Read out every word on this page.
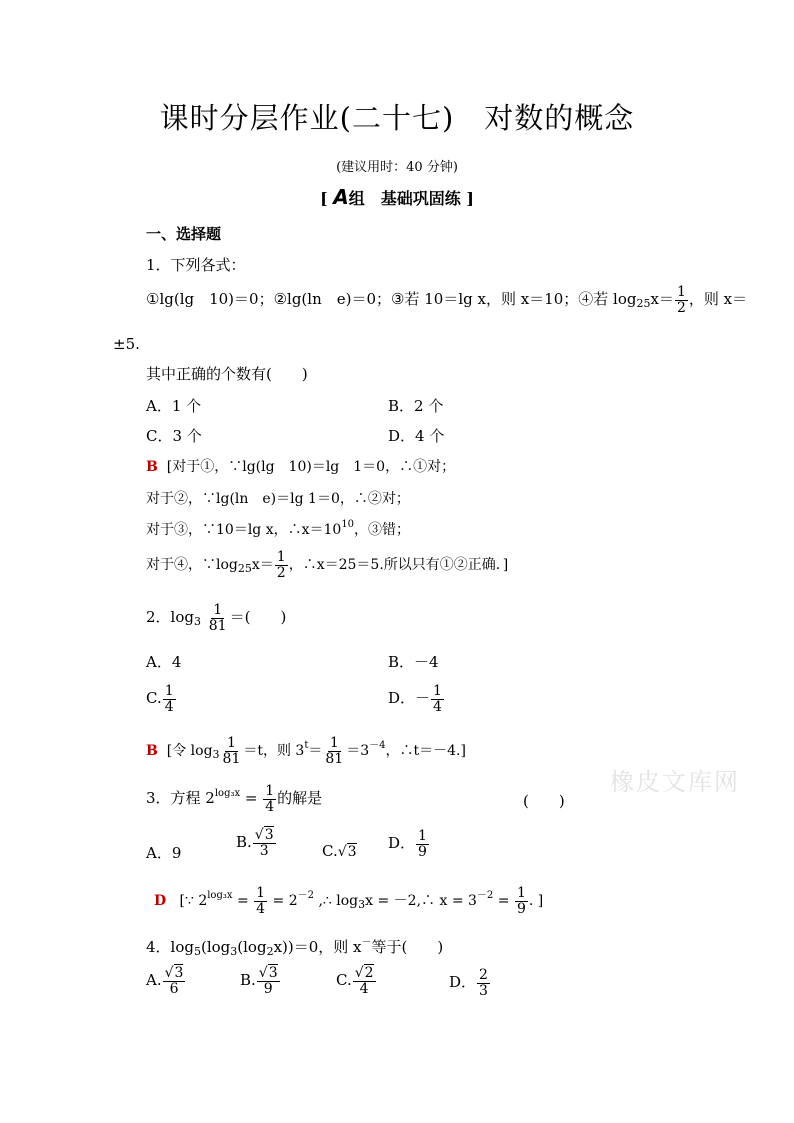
课时分层作业(二十七)　对数的概念
(建议用时：40 分钟)
[ A组　基础巩固练 ]
一、选择题
1．下列各式：
①lg(lg　10)＝0；②lg(ln　e)＝0；③若 10＝lg x，则 x＝10；④若 $\log_{25}x= \frac{1}{2}$ ，则 x＝
±5.
其中正确的个数有(　　)
A．1 个	B．2 个
C．3 个	D．4 个
B [对于①，∵lg(lg　10)＝lg　1＝0，∴①对；
对于②，∵lg(ln　e)＝lg 1＝0，∴②对；
对于③，∵10＝lg x，$\therefore x=10^{10}$，③错；
对于④，$\because\log_{25}x= \frac{1}{2}$ ，∴x＝25＝5.所以只有①②正确．]
2．$\log_3 \frac{1}{81}$ ＝(　　)
A．4	B．－4
C. $\frac{1}{4}$	D．－ $\frac{1}{4}$
B [令 $\log_3 \frac{1}{81} =t$，则 $3^t= \frac{1}{81} =3^{-4}$，∴t＝－4.]
橡皮文库网
3．方程 $2^{log_3x} = \frac{1}{4}$ 的解是	(　　)
A．9
B. $\frac{√3}{3}$	C.√3 D． $\frac{1}{9}$
D [∵ $2^{log_3x} = \frac{1}{4} = 2^{-2}$ ,∴ $\log_3x$ = －2,∴ $x = 3^{-2} = \frac{1}{9}$ . ]
4．$\log_5(\log_3(\log_2x))=0$，则 x－等于(　　)
A. $\frac{√3}{6}$	B. $\frac{√3}{9}$	C. $\frac{√2}{4}$	D． $\frac{2}{3}$
